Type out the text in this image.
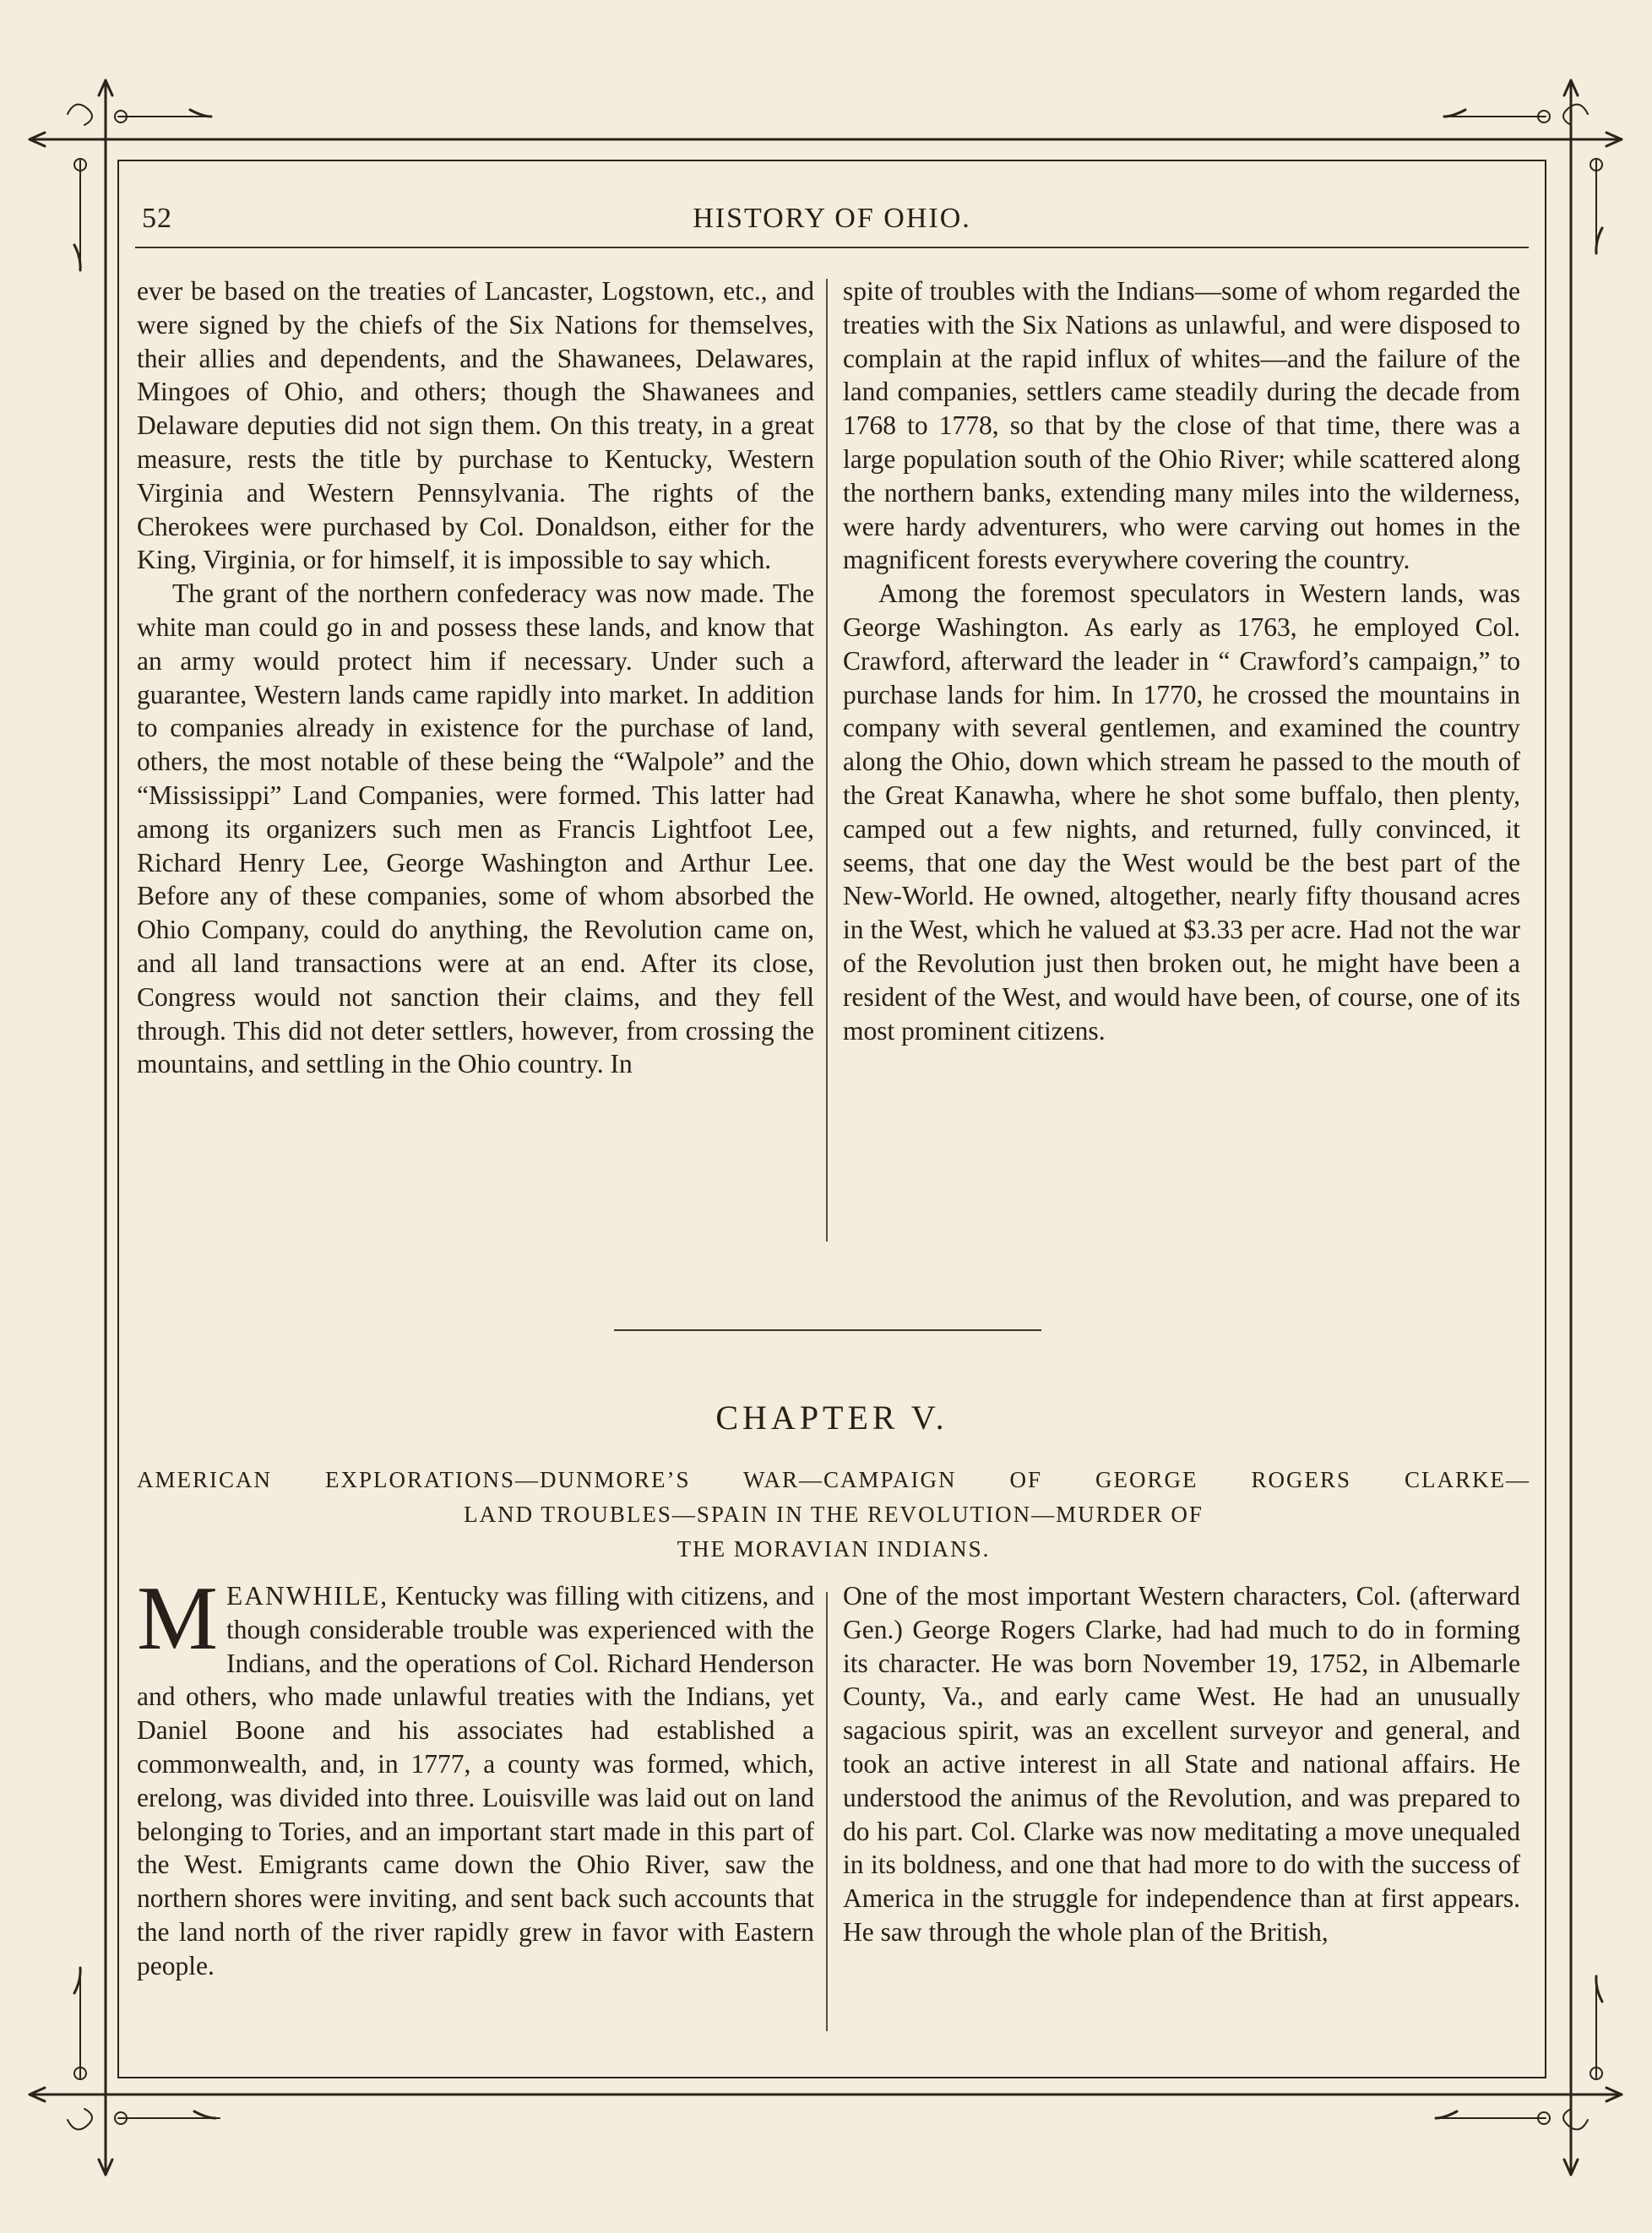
52	HISTORY OF OHIO.

ever be based on the treaties of Lancaster, Logstown, etc., and were signed by the chiefs of the Six Nations for themselves, their allies and dependents, and the Shawanees, Delawares, Mingoes of Ohio, and others; though the Shawanees and Delaware deputies did not sign them. On this treaty, in a great measure, rests the title by purchase to Kentucky, Western Virginia and Western Pennsylvania. The rights of the Cherokees were purchased by Col. Donaldson, either for the King, Virginia, or for himself, it is impossible to say which.

The grant of the northern confederacy was now made. The white man could go in and possess these lands, and know that an army would protect him if necessary. Under such a guarantee, Western lands came rapidly into market. In addition to companies already in existence for the purchase of land, others, the most notable of these being the “Walpole” and the “Mississippi” Land Companies, were formed. This latter had among its organizers such men as Francis Lightfoot Lee, Richard Henry Lee, George Washington and Arthur Lee. Before any of these companies, some of whom absorbed the Ohio Company, could do anything, the Revolution came on, and all land transactions were at an end. After its close, Congress would not sanction their claims, and they fell through. This did not deter settlers, however, from crossing the mountains, and settling in the Ohio country. In

spite of troubles with the Indians—some of whom regarded the treaties with the Six Nations as unlawful, and were disposed to complain at the rapid influx of whites—and the failure of the land companies, settlers came steadily during the decade from 1768 to 1778, so that by the close of that time, there was a large population south of the Ohio River; while scattered along the northern banks, extending many miles into the wilderness, were hardy adventurers, who were carving out homes in the magnificent forests everywhere covering the country.

Among the foremost speculators in Western lands, was George Washington. As early as 1763, he employed Col. Crawford, afterward the leader in “ Crawford’s campaign,” to purchase lands for him. In 1770, he crossed the mountains in company with several gentlemen, and examined the country along the Ohio, down which stream he passed to the mouth of the Great Kanawha, where he shot some buffalo, then plenty, camped out a few nights, and returned, fully convinced, it seems, that one day the West would be the best part of the New-World. He owned, altogether, nearly fifty thousand acres in the West, which he valued at $3.33 per acre. Had not the war of the Revolution just then broken out, he might have been a resident of the West, and would have been, of course, one of its most prominent citizens.

CHAPTER V.
AMERICAN EXPLORATIONS—DUNMORE’S WAR—CAMPAIGN OF GEORGE ROGERS CLARKE—
LAND TROUBLES—SPAIN IN THE REVOLUTION—MURDER OF
THE MORAVIAN INDIANS.

MEANWHILE, Kentucky was filling with citizens, and though considerable trouble was experienced with the Indians, and the operations of Col. Richard Henderson and others, who made unlawful treaties with the Indians, yet Daniel Boone and his associates had established a commonwealth, and, in 1777, a county was formed, which, erelong, was divided into three. Louisville was laid out on land belonging to Tories, and an important start made in this part of the West. Emigrants came down the Ohio River, saw the northern shores were inviting, and sent back such accounts that the land north of the river rapidly grew in favor with Eastern people.

One of the most important Western characters, Col. (afterward Gen.) George Rogers Clarke, had had much to do in forming its character. He was born November 19, 1752, in Albemarle County, Va., and early came West. He had an unusually sagacious spirit, was an excellent surveyor and general, and took an active interest in all State and national affairs. He understood the animus of the Revolution, and was prepared to do his part. Col. Clarke was now meditating a move unequaled in its boldness, and one that had more to do with the success of America in the struggle for independence than at first appears. He saw through the whole plan of the British,
